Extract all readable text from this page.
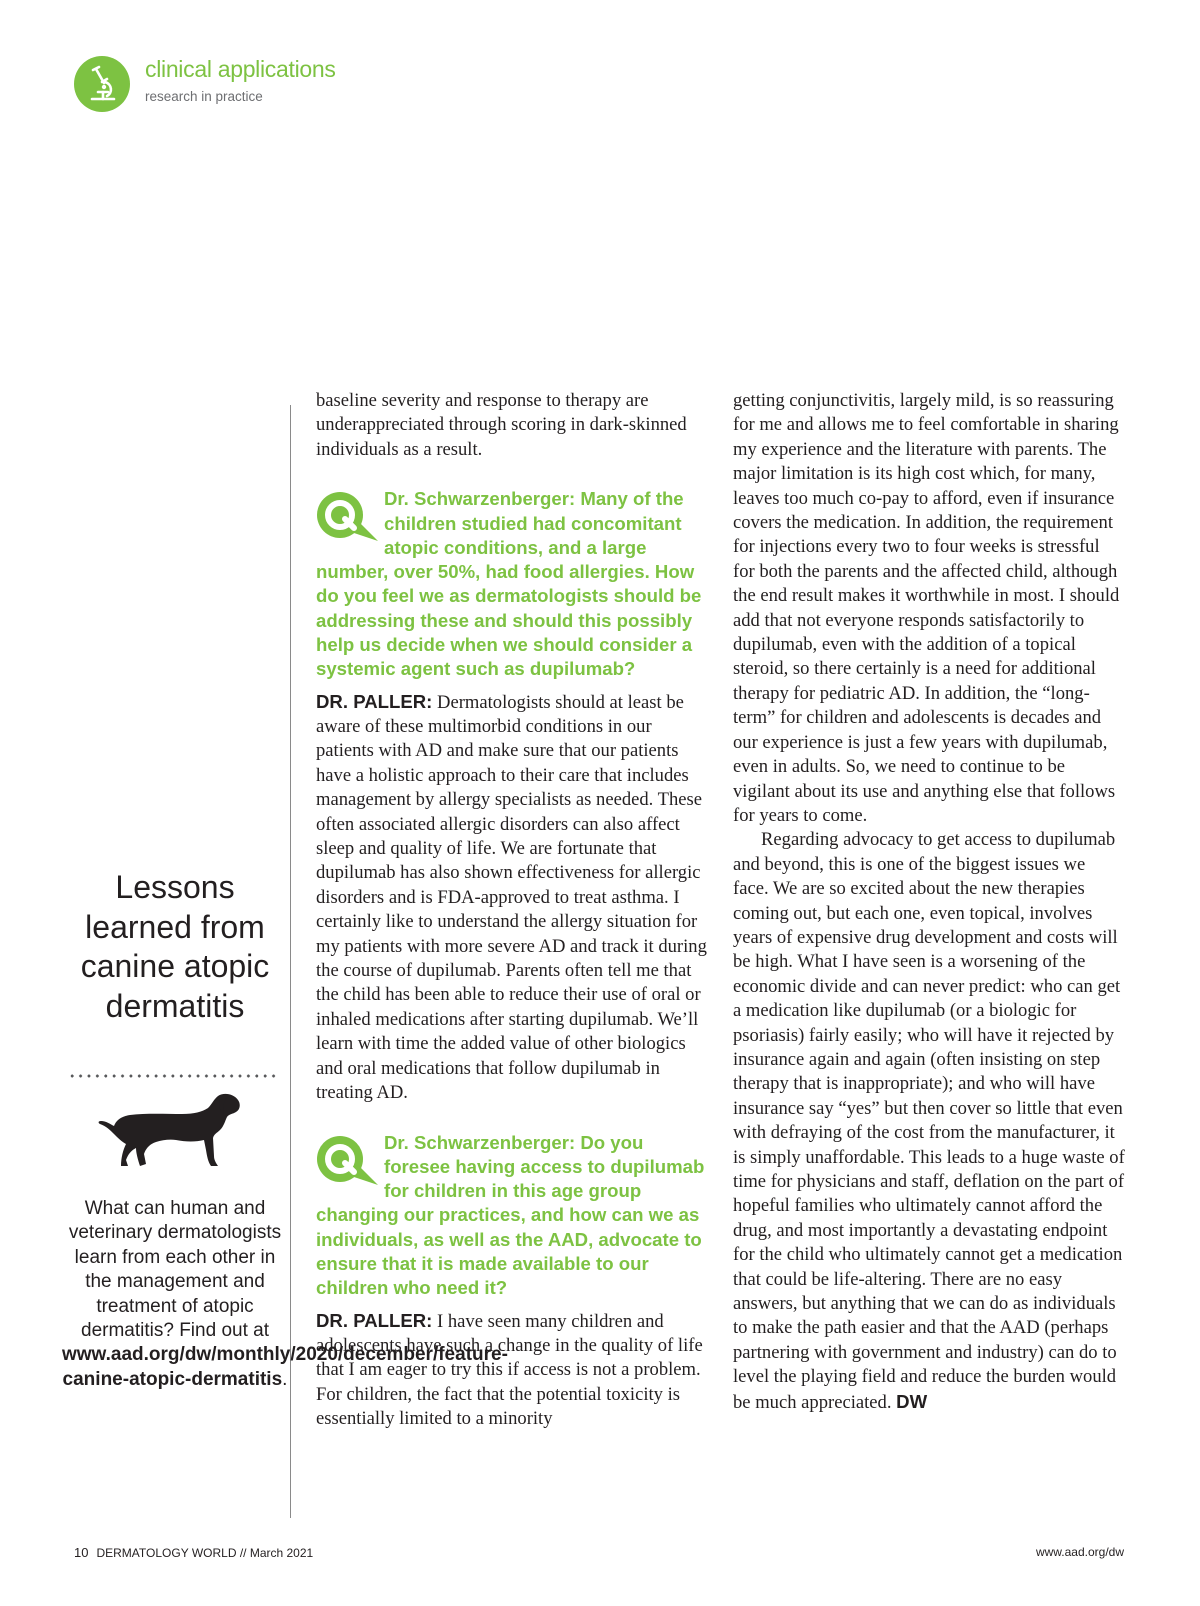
clinical applications
research in practice
Lessons learned from canine atopic dermatitis
What can human and veterinary dermatologists learn from each other in the management and treatment of atopic dermatitis? Find out at www.aad.org/dw/monthly/2020/december/feature-canine-atopic-dermatitis.

baseline severity and response to therapy are underappreciated through scoring in dark-skinned individuals as a result.

Dr. Schwarzenberger: Many of the children studied had concomitant atopic conditions, and a large number, over 50%, had food allergies. How do you feel we as dermatologists should be addressing these and should this possibly help us decide when we should consider a systemic agent such as dupilumab?

DR. PALLER: Dermatologists should at least be aware of these multimorbid conditions in our patients with AD and make sure that our patients have a holistic approach to their care that includes management by allergy specialists as needed. These often associated allergic disorders can also affect sleep and quality of life. We are fortunate that dupilumab has also shown effectiveness for allergic disorders and is FDA-approved to treat asthma. I certainly like to understand the allergy situation for my patients with more severe AD and track it during the course of dupilumab. Parents often tell me that the child has been able to reduce their use of oral or inhaled medications after starting dupilumab. We’ll learn with time the added value of other biologics and oral medications that follow dupilumab in treating AD.

Dr. Schwarzenberger: Do you foresee having access to dupilumab for children in this age group changing our practices, and how can we as individuals, as well as the AAD, advocate to ensure that it is made available to our children who need it?

DR. PALLER: I have seen many children and adolescents have such a change in the quality of life that I am eager to try this if access is not a problem. For children, the fact that the potential toxicity is essentially limited to a minority

getting conjunctivitis, largely mild, is so reassuring for me and allows me to feel comfortable in sharing my experience and the literature with parents. The major limitation is its high cost which, for many, leaves too much co-pay to afford, even if insurance covers the medication. In addition, the requirement for injections every two to four weeks is stressful for both the parents and the affected child, although the end result makes it worthwhile in most. I should add that not everyone responds satisfactorily to dupilumab, even with the addition of a topical steroid, so there certainly is a need for additional therapy for pediatric AD. In addition, the “long-term” for children and adolescents is decades and our experience is just a few years with dupilumab, even in adults. So, we need to continue to be vigilant about its use and anything else that follows for years to come.

Regarding advocacy to get access to dupilumab and beyond, this is one of the biggest issues we face. We are so excited about the new therapies coming out, but each one, even topical, involves years of expensive drug development and costs will be high. What I have seen is a worsening of the economic divide and can never predict: who can get a medication like dupilumab (or a biologic for psoriasis) fairly easily; who will have it rejected by insurance again and again (often insisting on step therapy that is inappropriate); and who will have insurance say “yes” but then cover so little that even with defraying of the cost from the manufacturer, it is simply unaffordable. This leads to a huge waste of time for physicians and staff, deflation on the part of hopeful families who ultimately cannot afford the drug, and most importantly a devastating endpoint for the child who ultimately cannot get a medication that could be life-altering. There are no easy answers, but anything that we can do as individuals to make the path easier and that the AAD (perhaps partnering with government and industry) can do to level the playing field and reduce the burden would be much appreciated. DW

10 DERMATOLOGY WORLD // March 2021	www.aad.org/dw
